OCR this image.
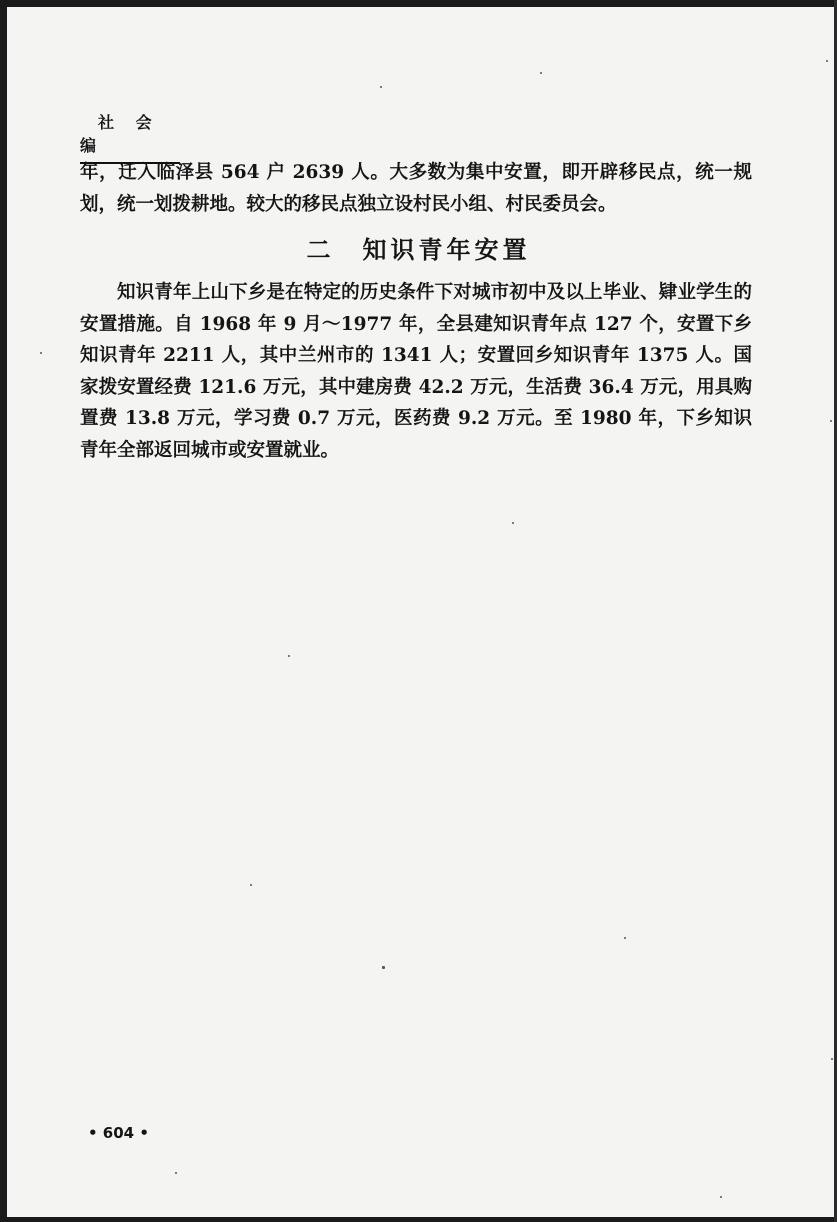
社 会 编

年，迁入临泽县 564 户 2639 人。大多数为集中安置，即开辟移民点，统一规划，统一划拨耕地。较大的移民点独立设村民小组、村民委员会。

二　知识青年安置

知识青年上山下乡是在特定的历史条件下对城市初中及以上毕业、肄业学生的安置措施。自 1968 年 9 月～1977 年，全县建知识青年点 127 个，安置下乡知识青年 2211 人，其中兰州市的 1341 人；安置回乡知识青年 1375 人。国家拨安置经费 121.6 万元，其中建房费 42.2 万元，生活费 36.4 万元，用具购置费 13.8 万元，学习费 0.7 万元，医药费 9.2 万元。至 1980 年，下乡知识青年全部返回城市或安置就业。

• 604 •
